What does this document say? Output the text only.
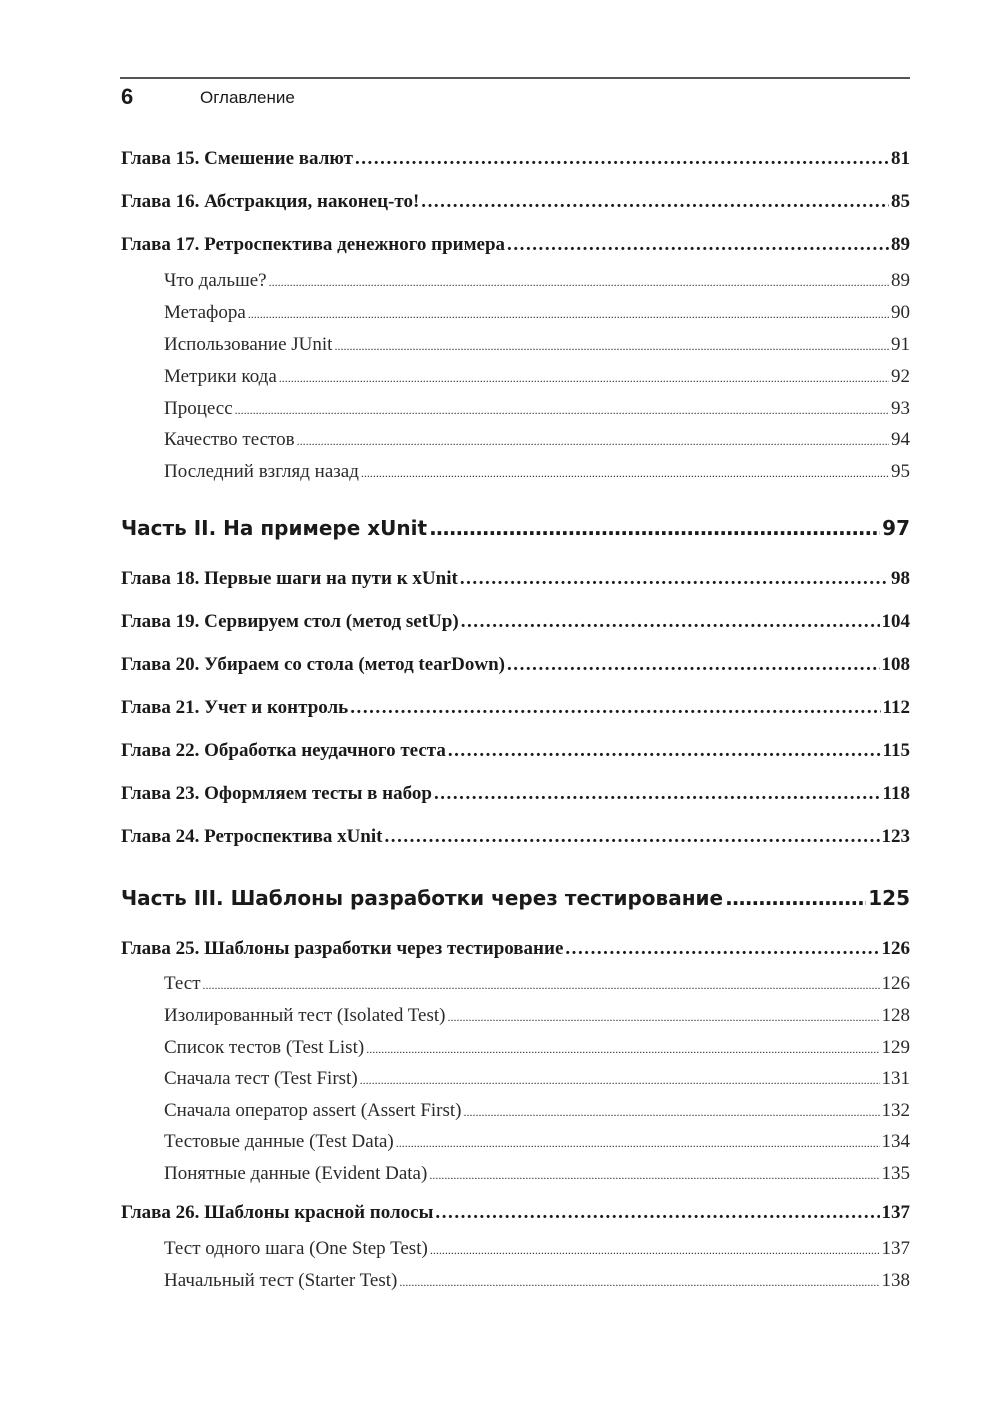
6	Оглавление
Глава 15. Смешение валют . . .	81
Глава 16. Абстракция, наконец-то! . . .	85
Глава 17. Ретроспектива денежного примера . . .	89
Что дальше? .....	89
Метафора .....	90
Использование JUnit .....	91
Метрики кода .....	92
Процесс .....	93
Качество тестов .....	94
Последний взгляд назад .....	95
Часть II. На примере xUnit .....	97
Глава 18. Первые шаги на пути к xUnit . . .	98
Глава 19. Сервируем стол (метод setUp) . . .	104
Глава 20. Убираем со стола (метод tearDown) . . .	108
Глава 21. Учет и контроль . . .	112
Глава 22. Обработка неудачного теста . . .	115
Глава 23. Оформляем тесты в набор . . .	118
Глава 24. Ретроспектива xUnit . . .	123
Часть III. Шаблоны разработки через тестирование .....	125
Глава 25. Шаблоны разработки через тестирование . . .	126
Тест .....	126
Изолированный тест (Isolated Test) .....	128
Список тестов (Test List) .....	129
Сначала тест (Test First) .....	131
Сначала оператор assert (Assert First) .....	132
Тестовые данные (Test Data) .....	134
Понятные данные (Evident Data) .....	135
Глава 26. Шаблоны красной полосы . . .	137
Тест одного шага (One Step Test) .....	137
Начальный тест (Starter Test) .....	138
